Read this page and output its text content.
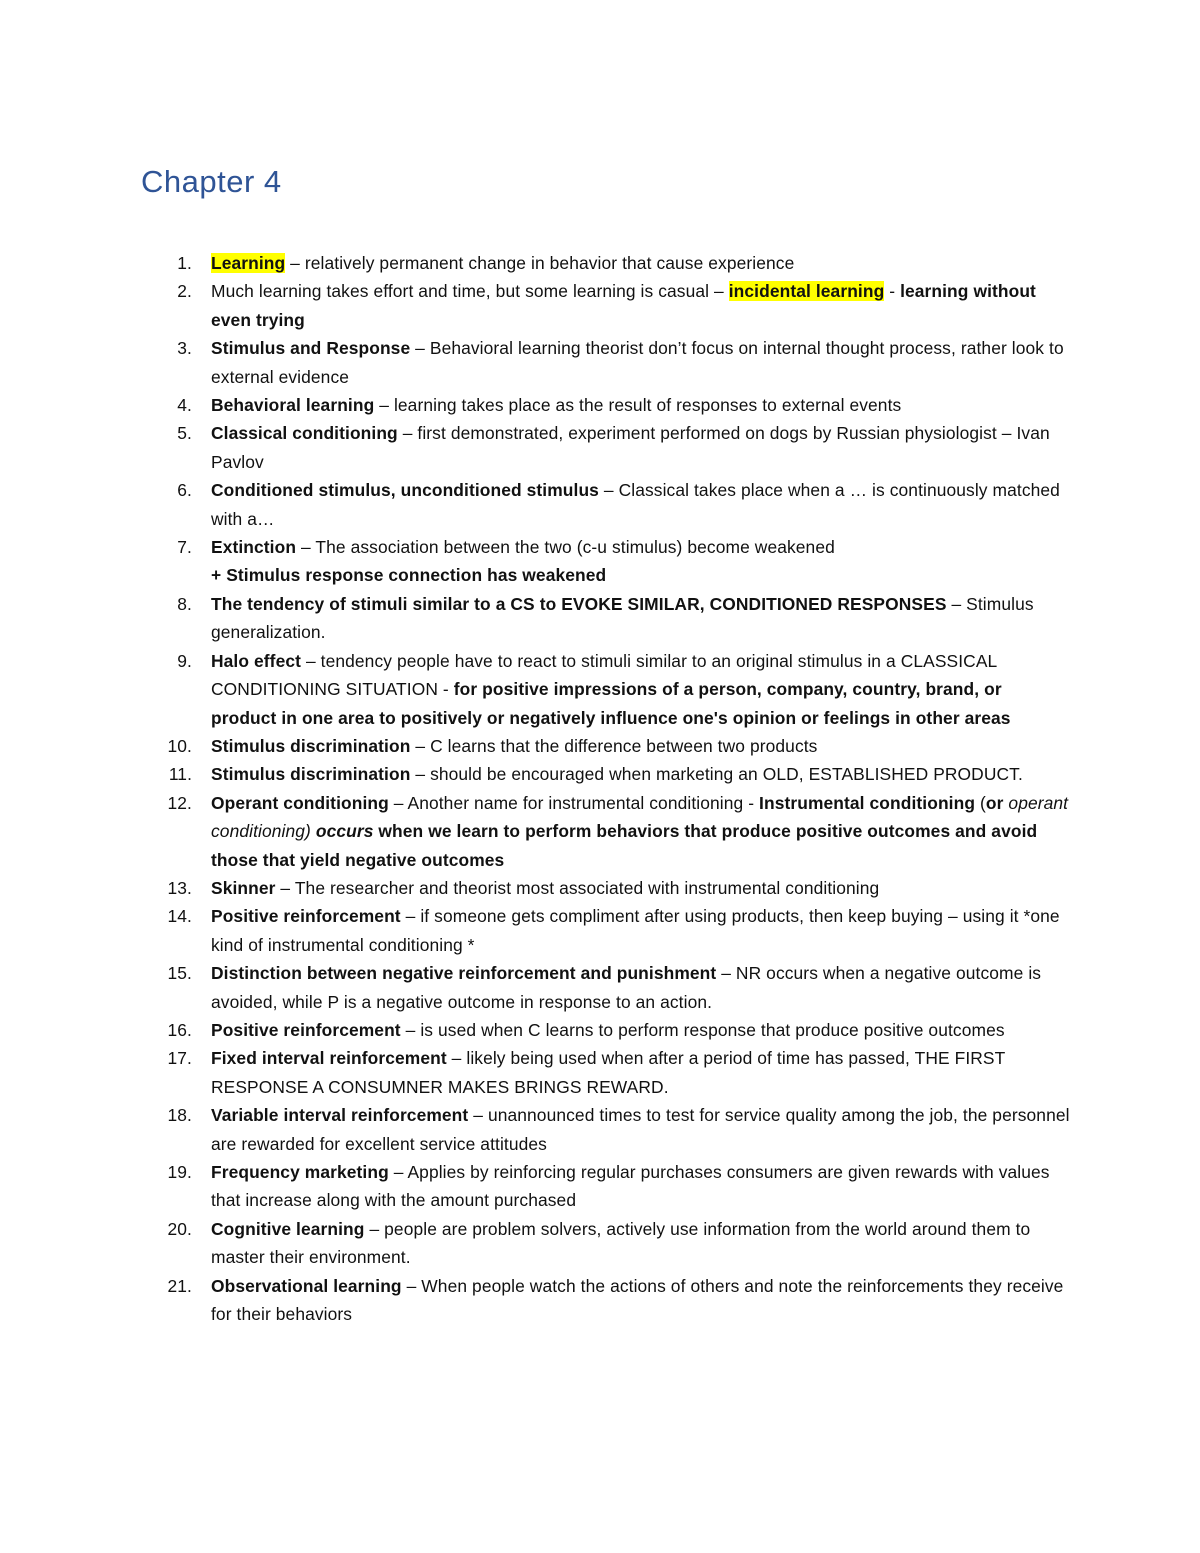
Chapter 4
1. Learning – relatively permanent change in behavior that cause experience
2. Much learning takes effort and time, but some learning is casual – incidental learning - learning without even trying
3. Stimulus and Response – Behavioral learning theorist don’t focus on internal thought process, rather look to external evidence
4. Behavioral learning – learning takes place as the result of responses to external events
5. Classical conditioning – first demonstrated, experiment performed on dogs by Russian physiologist – Ivan Pavlov
6. Conditioned stimulus, unconditioned stimulus – Classical takes place when a … is continuously matched with a…
7. Extinction – The association between the two (c-u stimulus) become weakened
+ Stimulus response connection has weakened
8. The tendency of stimuli similar to a CS to EVOKE SIMILAR, CONDITIONED RESPONSES – Stimulus generalization.
9. Halo effect – tendency people have to react to stimuli similar to an original stimulus in a CLASSICAL CONDITIONING SITUATION - for positive impressions of a person, company, country, brand, or product in one area to positively or negatively influence one's opinion or feelings in other areas
10. Stimulus discrimination – C learns that the difference between two products
11. Stimulus discrimination – should be encouraged when marketing an OLD, ESTABLISHED PRODUCT.
12. Operant conditioning – Another name for instrumental conditioning - Instrumental conditioning (or operant conditioning) occurs when we learn to perform behaviors that produce positive outcomes and avoid those that yield negative outcomes
13. Skinner – The researcher and theorist most associated with instrumental conditioning
14. Positive reinforcement – if someone gets compliment after using products, then keep buying – using it *one kind of instrumental conditioning *
15. Distinction between negative reinforcement and punishment – NR occurs when a negative outcome is avoided, while P is a negative outcome in response to an action.
16. Positive reinforcement – is used when C learns to perform response that produce positive outcomes
17. Fixed interval reinforcement – likely being used when after a period of time has passed, THE FIRST RESPONSE A CONSUMNER MAKES BRINGS REWARD.
18. Variable interval reinforcement – unannounced times to test for service quality among the job, the personnel are rewarded for excellent service attitudes
19. Frequency marketing – Applies by reinforcing regular purchases consumers are given rewards with values that increase along with the amount purchased
20. Cognitive learning – people are problem solvers, actively use information from the world around them to master their environment.
21. Observational learning – When people watch the actions of others and note the reinforcements they receive for their behaviors
